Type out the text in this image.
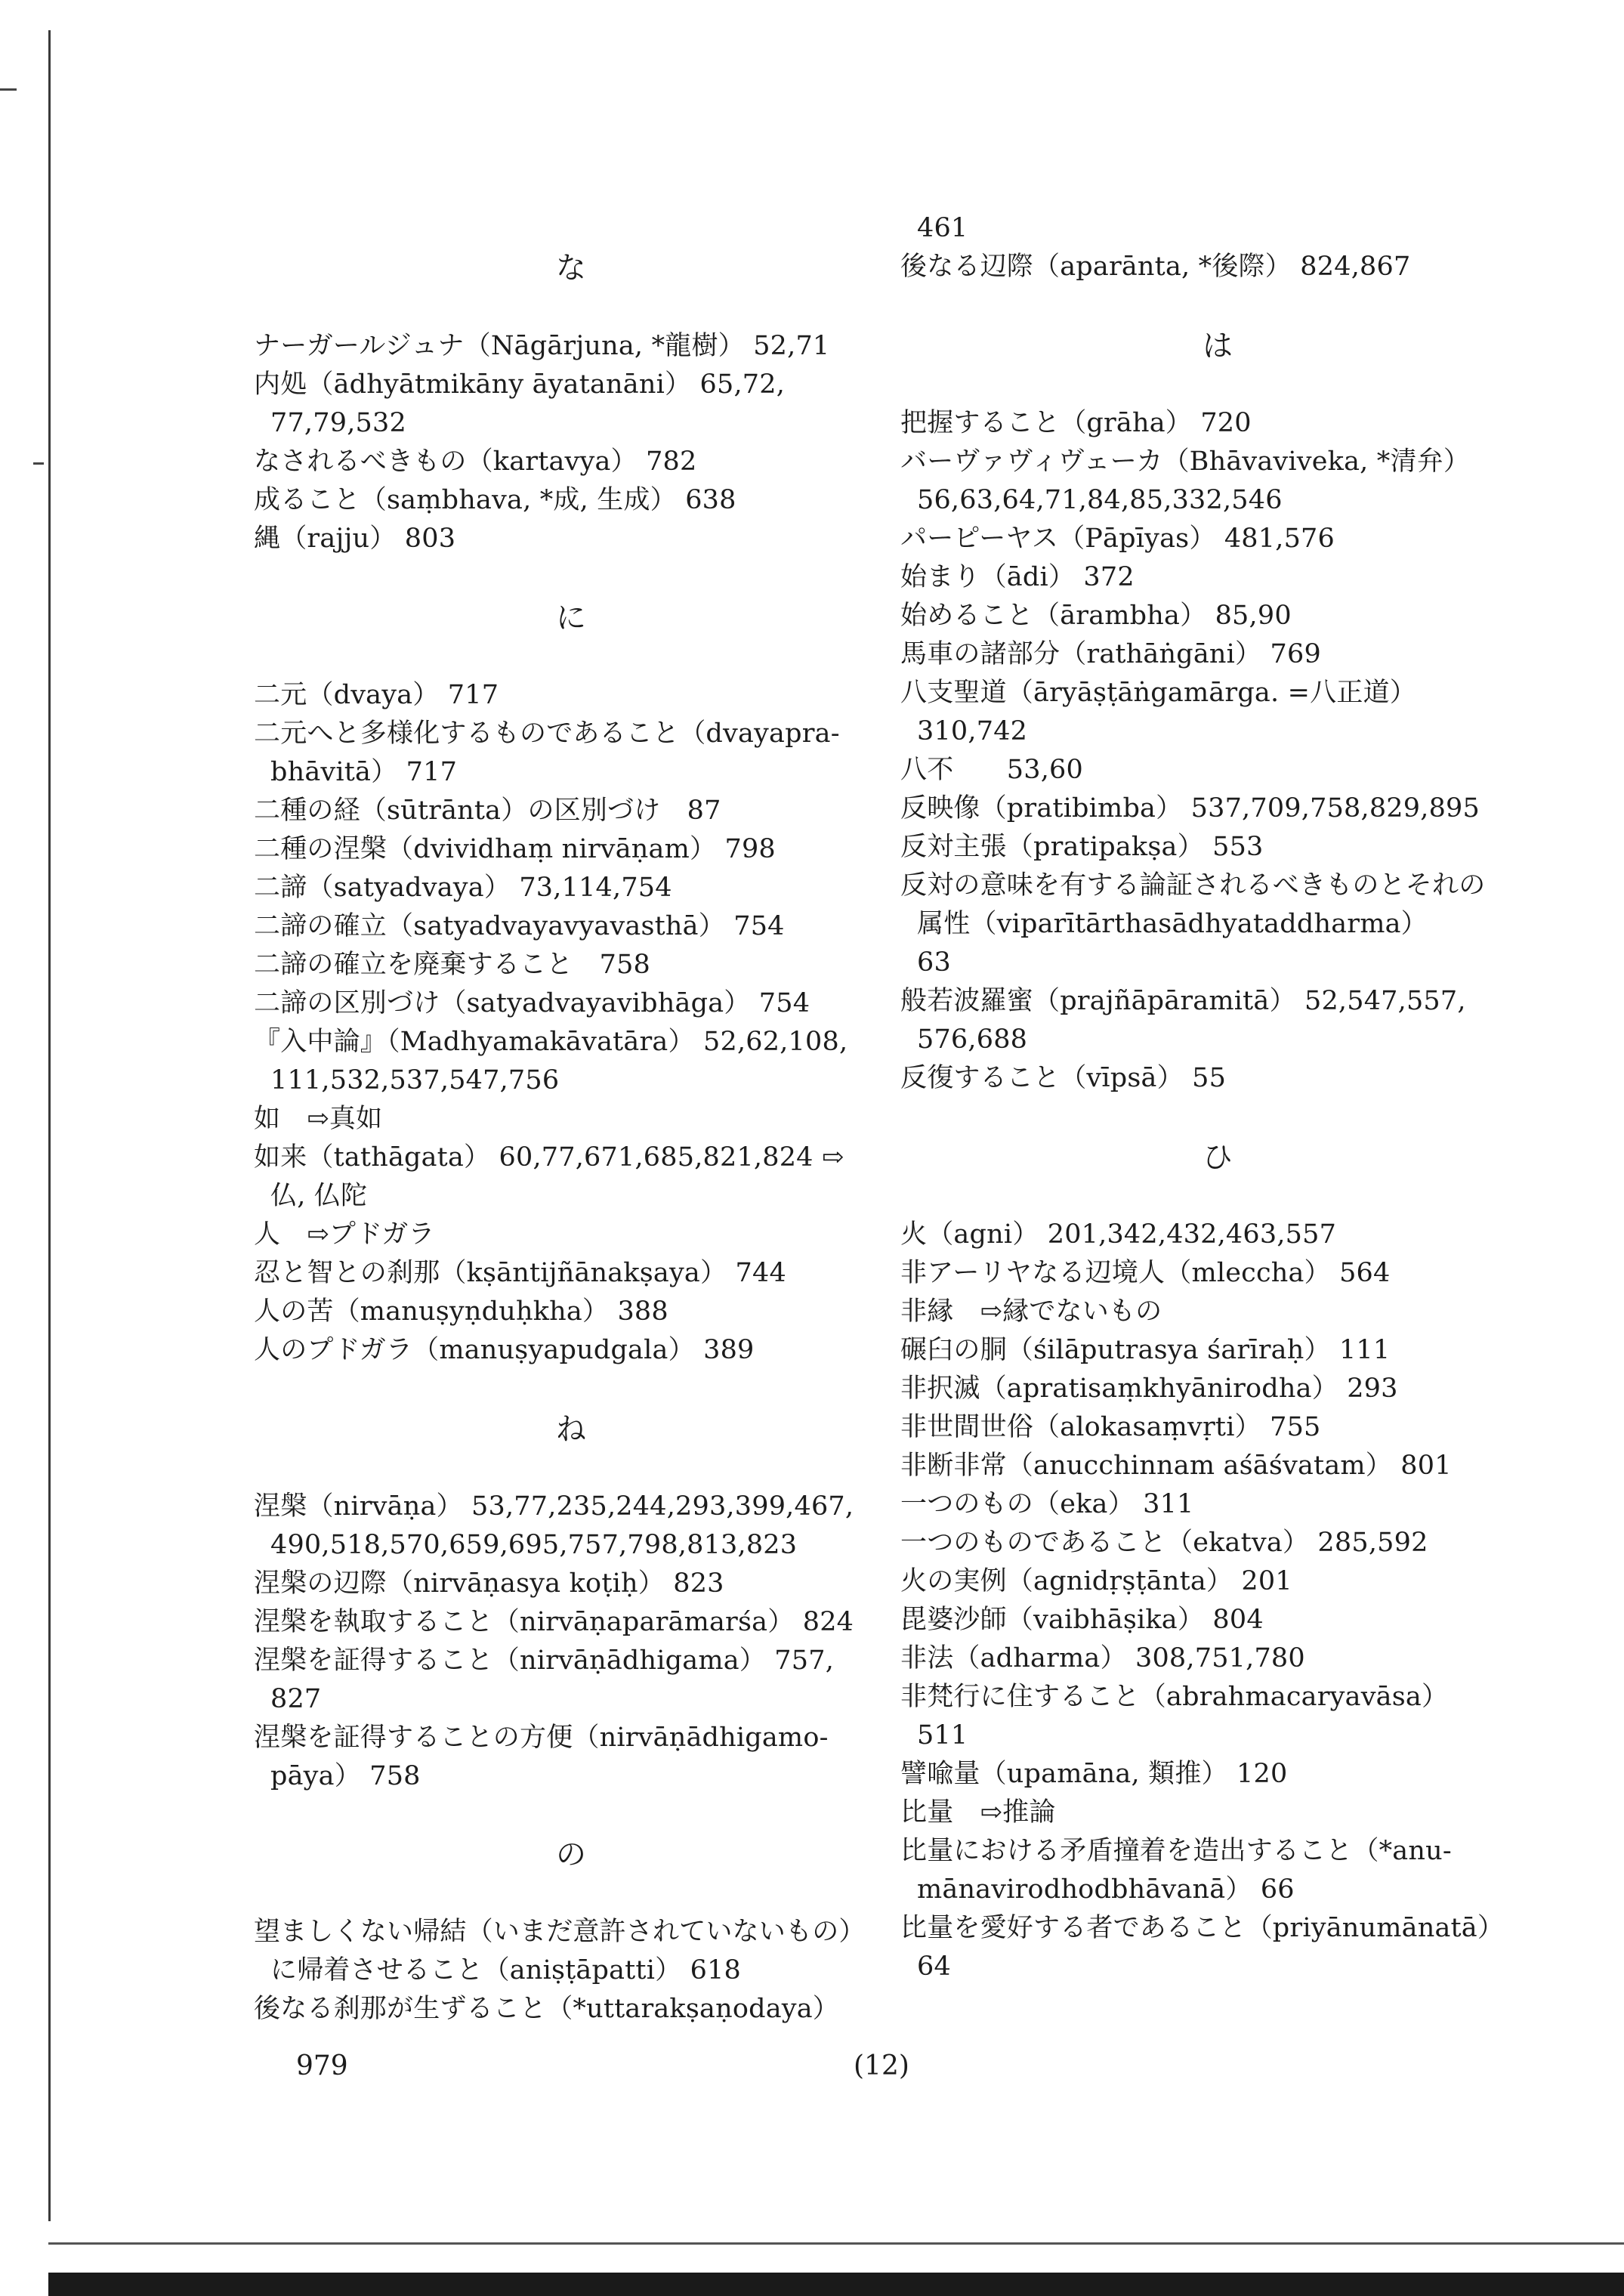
979	(12)
な
ナーガールジュナ（Nāgārjuna, *龍樹） 52,71
内処（ādhyātmikāny āyatanāni） 65,72,
77,79,532
なされるべきもの（kartavya） 782
成ること（saṃbhava, *成, 生成） 638
縄（rajju） 803
に
二元（dvaya） 717
二元へと多様化するものであること（dvayapra-
bhāvitā） 717
二種の経（sūtrānta）の区別づけ　87
二種の涅槃（dvividhaṃ nirvāṇam） 798
二諦（satyadvaya） 73,114,754
二諦の確立（satyadvayavyavasthā） 754
二諦の確立を廃棄すること　758
二諦の区別づけ（satyadvayavibhāga） 754
『入中論』（Madhyamakāvatāra） 52,62,108,
111,532,537,547,756
如　⇨真如
如来（tathāgata） 60,77,671,685,821,824 ⇨
仏, 仏陀
人　⇨プドガラ
忍と智との刹那（kṣāntijñānakṣaya） 744
人の苦（manuṣyṇduḥkha） 388
人のプドガラ（manuṣyapudgala） 389
ね
涅槃（nirvāṇa） 53,77,235,244,293,399,467,
490,518,570,659,695,757,798,813,823
涅槃の辺際（nirvāṇasya koṭiḥ） 823
涅槃を執取すること（nirvāṇaparāmarśa） 824
涅槃を証得すること（nirvāṇādhigama） 757,
827
涅槃を証得することの方便（nirvāṇādhigamo-
pāya） 758
の
望ましくない帰結（いまだ意許されていないもの）
に帰着させること（aniṣṭāpatti） 618
後なる刹那が生ずること（*uttarakṣaṇodaya）
461
後なる辺際（aparānta, *後際） 824,867
は
把握すること（grāha） 720
バーヴァヴィヴェーカ（Bhāvaviveka, *清弁）
56,63,64,71,84,85,332,546
パーピーヤス（Pāpīyas） 481,576
始まり（ādi） 372
始めること（ārambha） 85,90
馬車の諸部分（rathāṅgāni） 769
八支聖道（āryāṣṭāṅgamārga. =八正道）
310,742
八不　　53,60
反映像（pratibimba） 537,709,758,829,895
反対主張（pratipakṣa） 553
反対の意味を有する論証されるべきものとそれの
属性（viparītārthasādhyataddharma）
63
般若波羅蜜（prajñāpāramitā） 52,547,557,
576,688
反復すること（vīpsā） 55
ひ
火（agni） 201,342,432,463,557
非アーリヤなる辺境人（mleccha） 564
非縁　⇨縁でないもの
碾臼の胴（śilāputrasya śarīraḥ） 111
非択滅（apratisaṃkhyānirodha） 293
非世間世俗（alokasaṃvṛti） 755
非断非常（anucchinnam aśāśvatam） 801
一つのもの（eka） 311
一つのものであること（ekatva） 285,592
火の実例（agnidṛṣṭānta） 201
毘婆沙師（vaibhāṣika） 804
非法（adharma） 308,751,780
非梵行に住すること（abrahmacaryavāsa）
511
譬喩量（upamāna, 類推） 120
比量　⇨推論
比量における矛盾撞着を造出すること（*anu-
mānavirodhodbhāvanā） 66
比量を愛好する者であること（priyānumānatā）
64
